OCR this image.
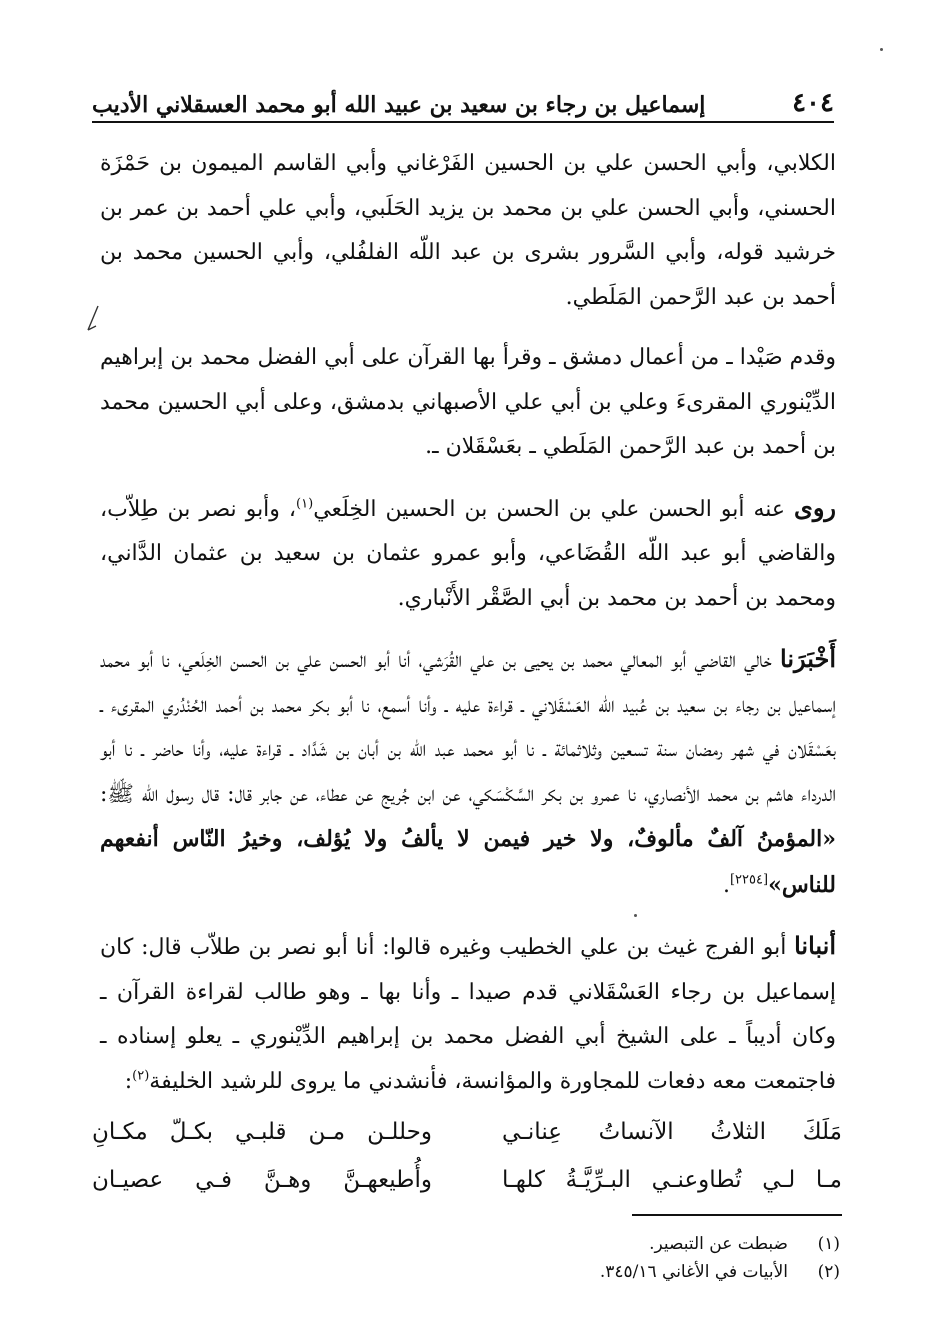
٤٠٤
إسماعيل بن رجاء بن سعيد بن عبيد الله أبو محمد العسقلاني الأديب

الكلابي، وأبي الحسن علي بن الحسين الفَرْغاني وأبي القاسم الميمون بن حَمْزَة الحسني، وأبي الحسن علي بن محمد بن يزيد الحَلَبي، وأبي علي أحمد بن عمر بن خرشيد قوله، وأبي السَّرور بشرى بن عبد اللّه الفلفُلي، وأبي الحسين محمد بن أحمد بن عبد الرَّحمن المَلَطي.

وقدم صَيْدا ـ من أعمال دمشق ـ وقرأ بها القرآن على أبي الفضل محمد بن إبراهيم الدِّيْنوري المقرىءَ وعلي بن أبي علي الأصبهاني بدمشق، وعلى أبي الحسين محمد بن أحمد بن عبد الرَّحمن المَلَطي ـ بعَسْقَلان ـ.

روى عنه أبو الحسن علي بن الحسن بن الحسين الخِلَعي$^{(١)}$، وأبو نصر بن طِلاّب، والقاضي أبو عبد اللّه القُضَاعي، وأبو عمرو عثمان بن سعيد بن عثمان الدَّاني، ومحمد بن أحمد بن محمد بن أبي الصَّقْر الأَنْباري.

أَخْبَرَنا خالي القاضي أبو المعالي محمد بن يحيى بن علي القُرَشي، أنا أبو الحسن علي بن الحسن الخِلَعي، نا أبو محمد إسماعيل بن رجاء بن سعيد بن عُبيد اللّه العَسْقَلاني ـ قراءة عليه ـ وأنا أسمع، نا أبو بكر محمد بن أحمد الحُنْدُري المقرىء ـ بعَسْقَلان في شهر رمضان سنة تسعين وثلاثمائة ـ نا أبو محمد عبد اللّه بن أبان بن شَدَّاد ـ قراءة عليه، وأنا حاضر ـ نا أبو الدرداء هاشم بن محمد الأنصاري، نا عمرو بن بكر السَّكْسَكي، عن ابن جُريج عن عطاء، عن جابر قال: قال رسول اللّه ﷺ: «المؤمنُ آلفٌ مألوفٌ، ولا خير فيمن لا يألفُ ولا يُؤلف، وخيرُ النّاس أنفعهم للناس»[٢٢٥٤].

أنبانا أبو الفرج غيث بن علي الخطيب وغيره قالوا: أنا أبو نصر بن طلاّب قال: كان إسماعيل بن رجاء العَسْقَلاني قدم صيدا ـ وأنا بها ـ وهو طالب لقراءة القرآن ـ وكان أديباً ـ على الشيخ أبي الفضل محمد بن إبراهيم الدِّيْنوري ـ يعلو إسناده ـ فاجتمعت معه دفعات للمجاورة والمؤانسة، فأنشدني ما يروى للرشيد الخليفة$^{(٢)}$:

مَلَكَ الثلاثُ الآنساتُ عِنانـي
وحللـن مـن قلبـي بكـلّ مكـانِ
مـا لـي تُطاوعنـي البـرِّيَّـةُ كلهـا
وأُطيعهـنَّ وهـنَّ فـي عصيـان
(١)
ضبطت عن التبصير.
(٢)
الأبيات في الأغاني ٣٤٥/١٦.
